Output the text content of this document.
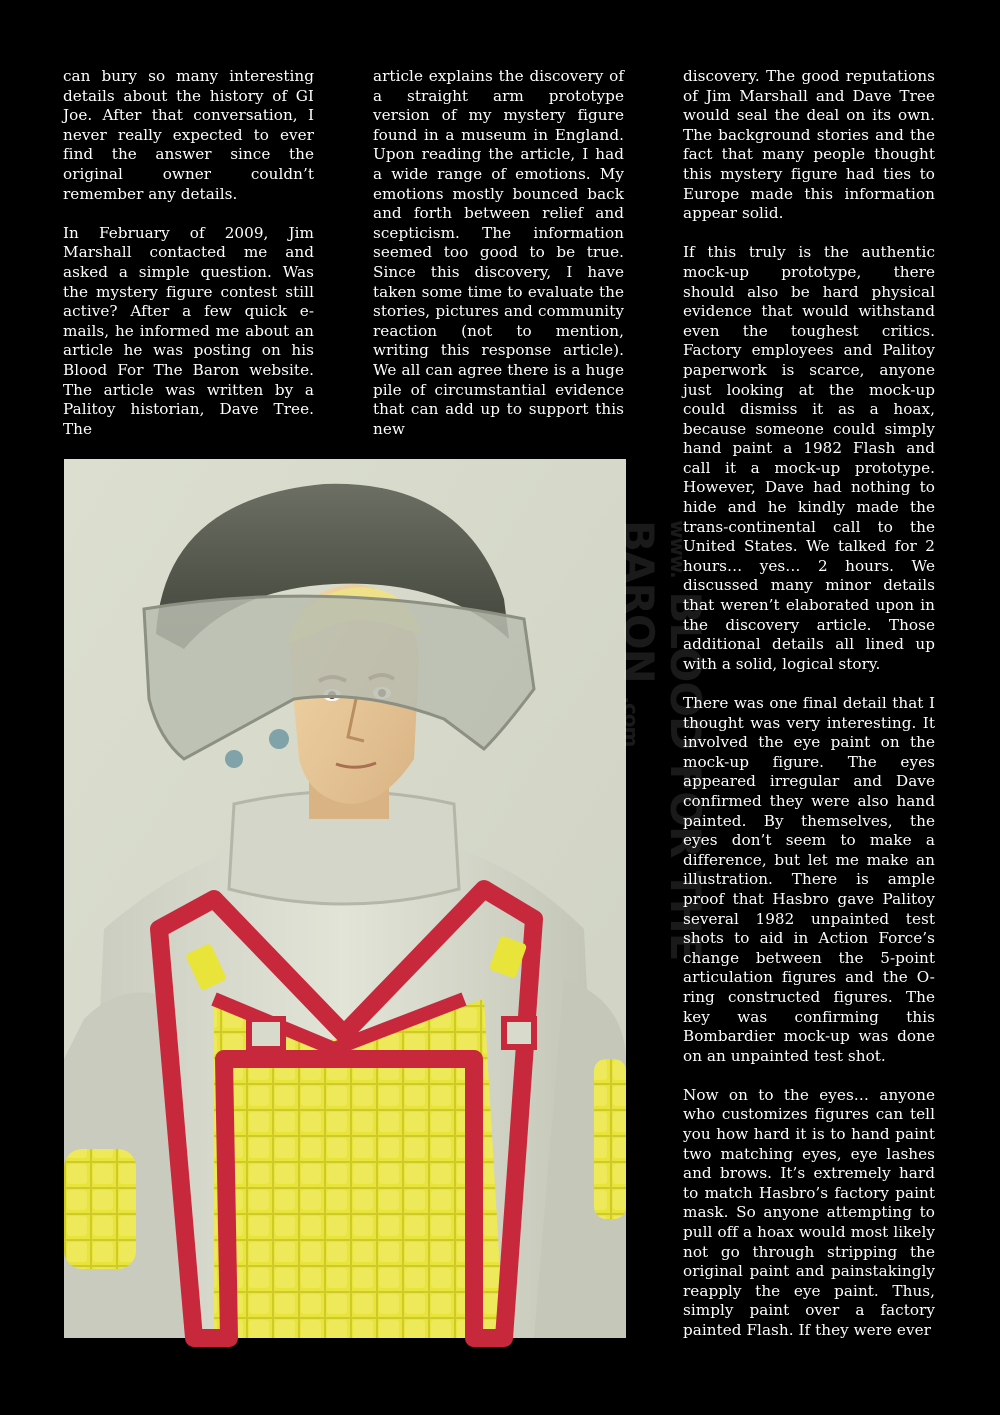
can bury so many interesting details about the history of GI Joe. After that conversation, I never really expected to ever find the answer since the original owner couldn’t remember any details.

In February of 2009, Jim Marshall contacted me and asked a simple question. Was the mystery figure contest still active? After a few quick e-mails, he informed me about an article he was posting on his Blood For The Baron website. The article was written by a Palitoy historian, Dave Tree. The

article explains the discovery of a straight arm prototype version of my mystery figure found in a museum in England. Upon reading the article, I had a wide range of emotions. My emotions mostly bounced back and forth between relief and scepticism. The information seemed too good to be true. Since this discovery, I have taken some time to evaluate the stories, pictures and community reaction (not to mention, writing this response article). We all can agree there is a huge pile of circumstantial evidence that can add up to support this new

discovery. The good reputations of Jim Marshall and Dave Tree would seal the deal on its own. The background stories and the fact that many people thought this mystery figure had ties to Europe made this information appear solid.

If this truly is the authentic mock-up prototype, there should also be hard physical evidence that would withstand even the toughest critics. Factory employees and Palitoy paperwork is scarce, anyone just looking at the mock-up could dismiss it as a hoax, because someone could simply hand paint a 1982 Flash and call it a mock-up prototype. However, Dave had nothing to hide and he kindly made the trans-continental call to the United States. We talked for 2 hours… yes… 2 hours. We discussed many minor details that weren’t elaborated upon in the discovery article. Those additional details all lined up with a solid, logical story.

There was one final detail that I thought was very interesting. It involved the eye paint on the mock-up figure. The eyes appeared irregular and Dave confirmed they were also hand painted. By themselves, the eyes don’t seem to make a difference, but let me make an illustration. There is ample proof that Hasbro gave Palitoy several 1982 unpainted test shots to aid in Action Force’s change between the 5-point articulation figures and the O-ring constructed figures. The key was confirming this Bombardier mock-up was done on an unpainted test shot.

Now on to the eyes… anyone who customizes figures can tell you how hard it is to hand paint two matching eyes, eye lashes and brows. It’s extremely hard to match Hasbro’s factory paint mask. So anyone attempting to pull off a hoax would most likely not go through stripping the original paint and painstakingly reapply the eye paint. Thus, simply paint over a factory painted Flash. If they were ever

www. BLOOD FOR THE
BARON .com
